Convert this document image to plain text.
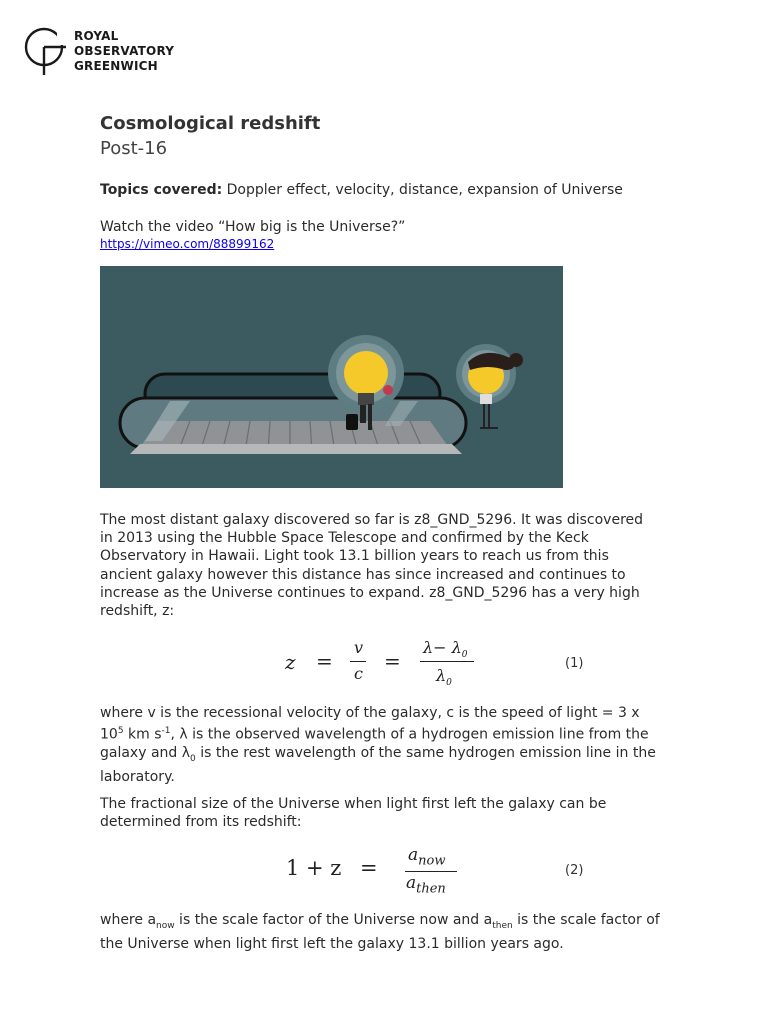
ROYAL
OBSERVATORY
GREENWICH
Cosmological redshift
Post-16
Topics covered: Doppler effect, velocity, distance, expansion of Universe
Watch the video “How big is the Universe?”
https://vimeo.com/88899162
The most distant galaxy discovered so far is z8_GND_5296. It was discovered in 2013 using the Hubble Space Telescope and confirmed by the Keck Observatory in Hawaii. Light took 13.1 billion years to reach us from this ancient galaxy however this distance has since increased and continues to increase as the Universe continues to expand. z8_GND_5296 has a very high redshift, z:
z =
v
c
=
$\lambda- \lambda_0$
$\lambda_0$
(1)
where v is the recessional velocity of the galaxy, c is the speed of light = 3 x $10^5$ km $s^{-1}$, λ is the observed wavelength of a hydrogen emission line from the galaxy and $\lambda_0$ is the rest wavelength of the same hydrogen emission line in the laboratory.
The fractional size of the Universe when light first left the galaxy can be determined from its redshift:
1 + z =
$a_{now}$
$a_{then}$
(2)
where $a_{now}$ is the scale factor of the Universe now and $a_{then}$ is the scale factor of the Universe when light first left the galaxy 13.1 billion years ago.
